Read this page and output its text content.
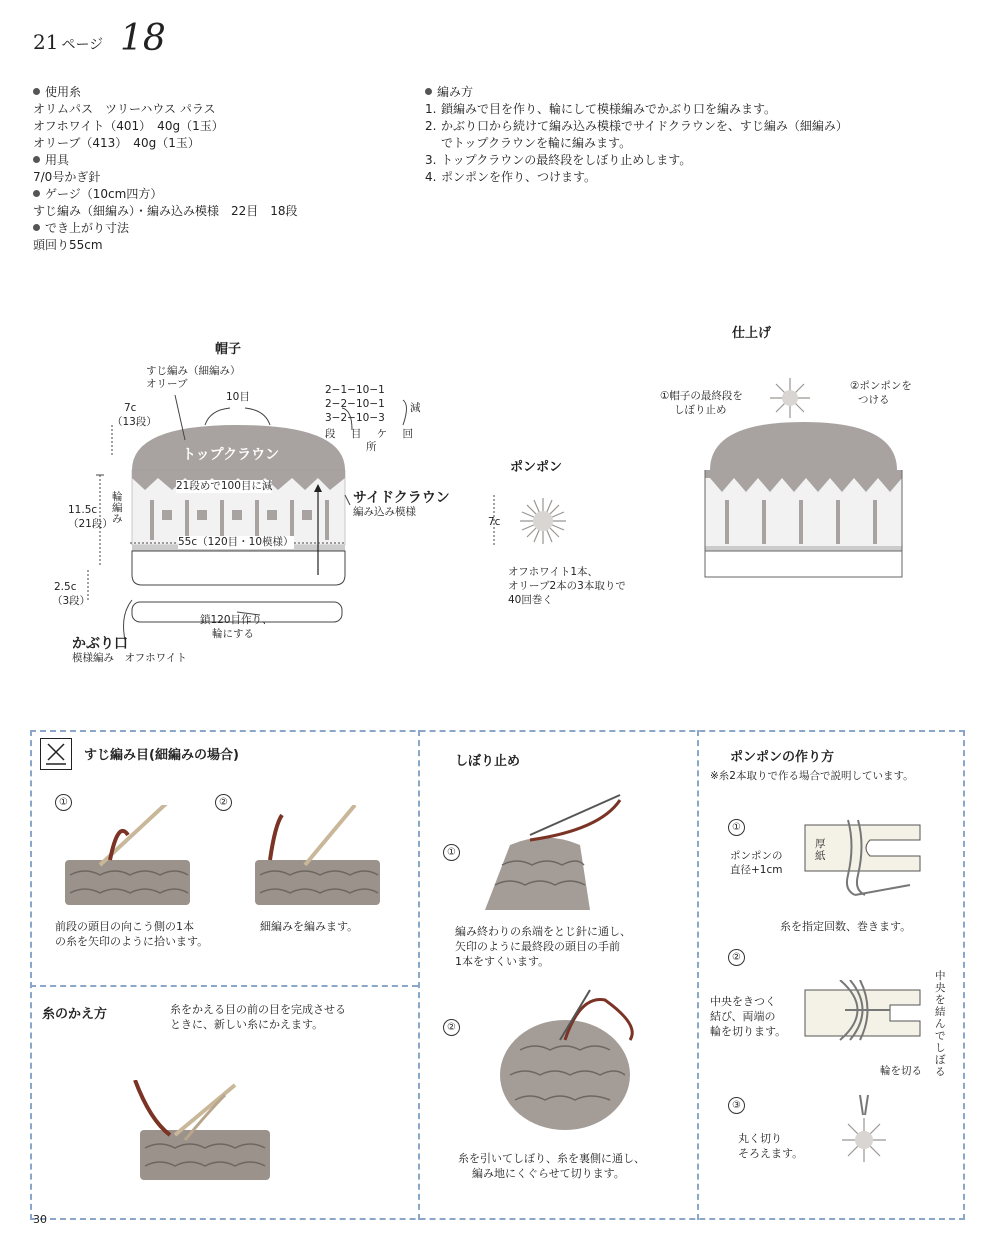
21 ページ 18

使用糸

オリムパス　ツリーハウス パラス

オフホワイト（401）　40g（1玉）

オリーブ（413）　40g（1玉）

用具

7/0号かぎ針

ゲージ（10cm四方）

すじ編み（細編み）・編み込み模様　22目　18段

でき上がり寸法

頭回り55cm

編み方

1. 鎖編みで目を作り、輪にして模様編みでかぶり口を編みます。

2. かぶり口から続けて編み込み模様でサイドクラウンを、すじ編み（細編み）

でトップクラウンを輪に編みます。

3. トップクラウンの最終段をしぼり止めします。

4. ポンポンを作り、つけます。

帽子
すじ編み（細編み）
オリーブ
10目
7c
（13段）
トップクラウン
2−1−10−1
2−2−10−1
3−2−10−3
減
段 目 ケ 回
所
21段めで100目に減
サイドクラウン
編み込み模様
11.5c
（21段）
輪編み
55c（120目・10模様）
2.5c
（3段）
鎖120目作り、
輪にする
かぶり口
模様編み　オフホワイト
ポンポン
7c
オフホワイト1本、
オリーブ2本の3本取りで
40回巻く
仕上げ
①帽子の最終段を
しぼり止め
②ポンポンを
つける
すじ編み目(細編みの場合)
①	②
前段の頭目の向こう側の1本
の糸を矢印のように拾います。
細編みを編みます。
糸のかえ方	糸をかえる目の前の目を完成させる
ときに、新しい糸にかえます。
しぼり止め
①
編み終わりの糸端をとじ針に通し、
矢印のように最終段の頭目の手前
1本をすくいます。
②
糸を引いてしぼり、糸を裏側に通し、
編み地にくぐらせて切ります。
ポンポンの作り方
※糸2本取りで作る場合で説明しています。
①
厚紙
ポンポンの
直径+1cm
糸を指定回数、巻きます。
②
中央を結んでしぼる
中央をきつく
結び、両端の
輪を切ります。
輪を切る
③
丸く切り
そろえます。
30
